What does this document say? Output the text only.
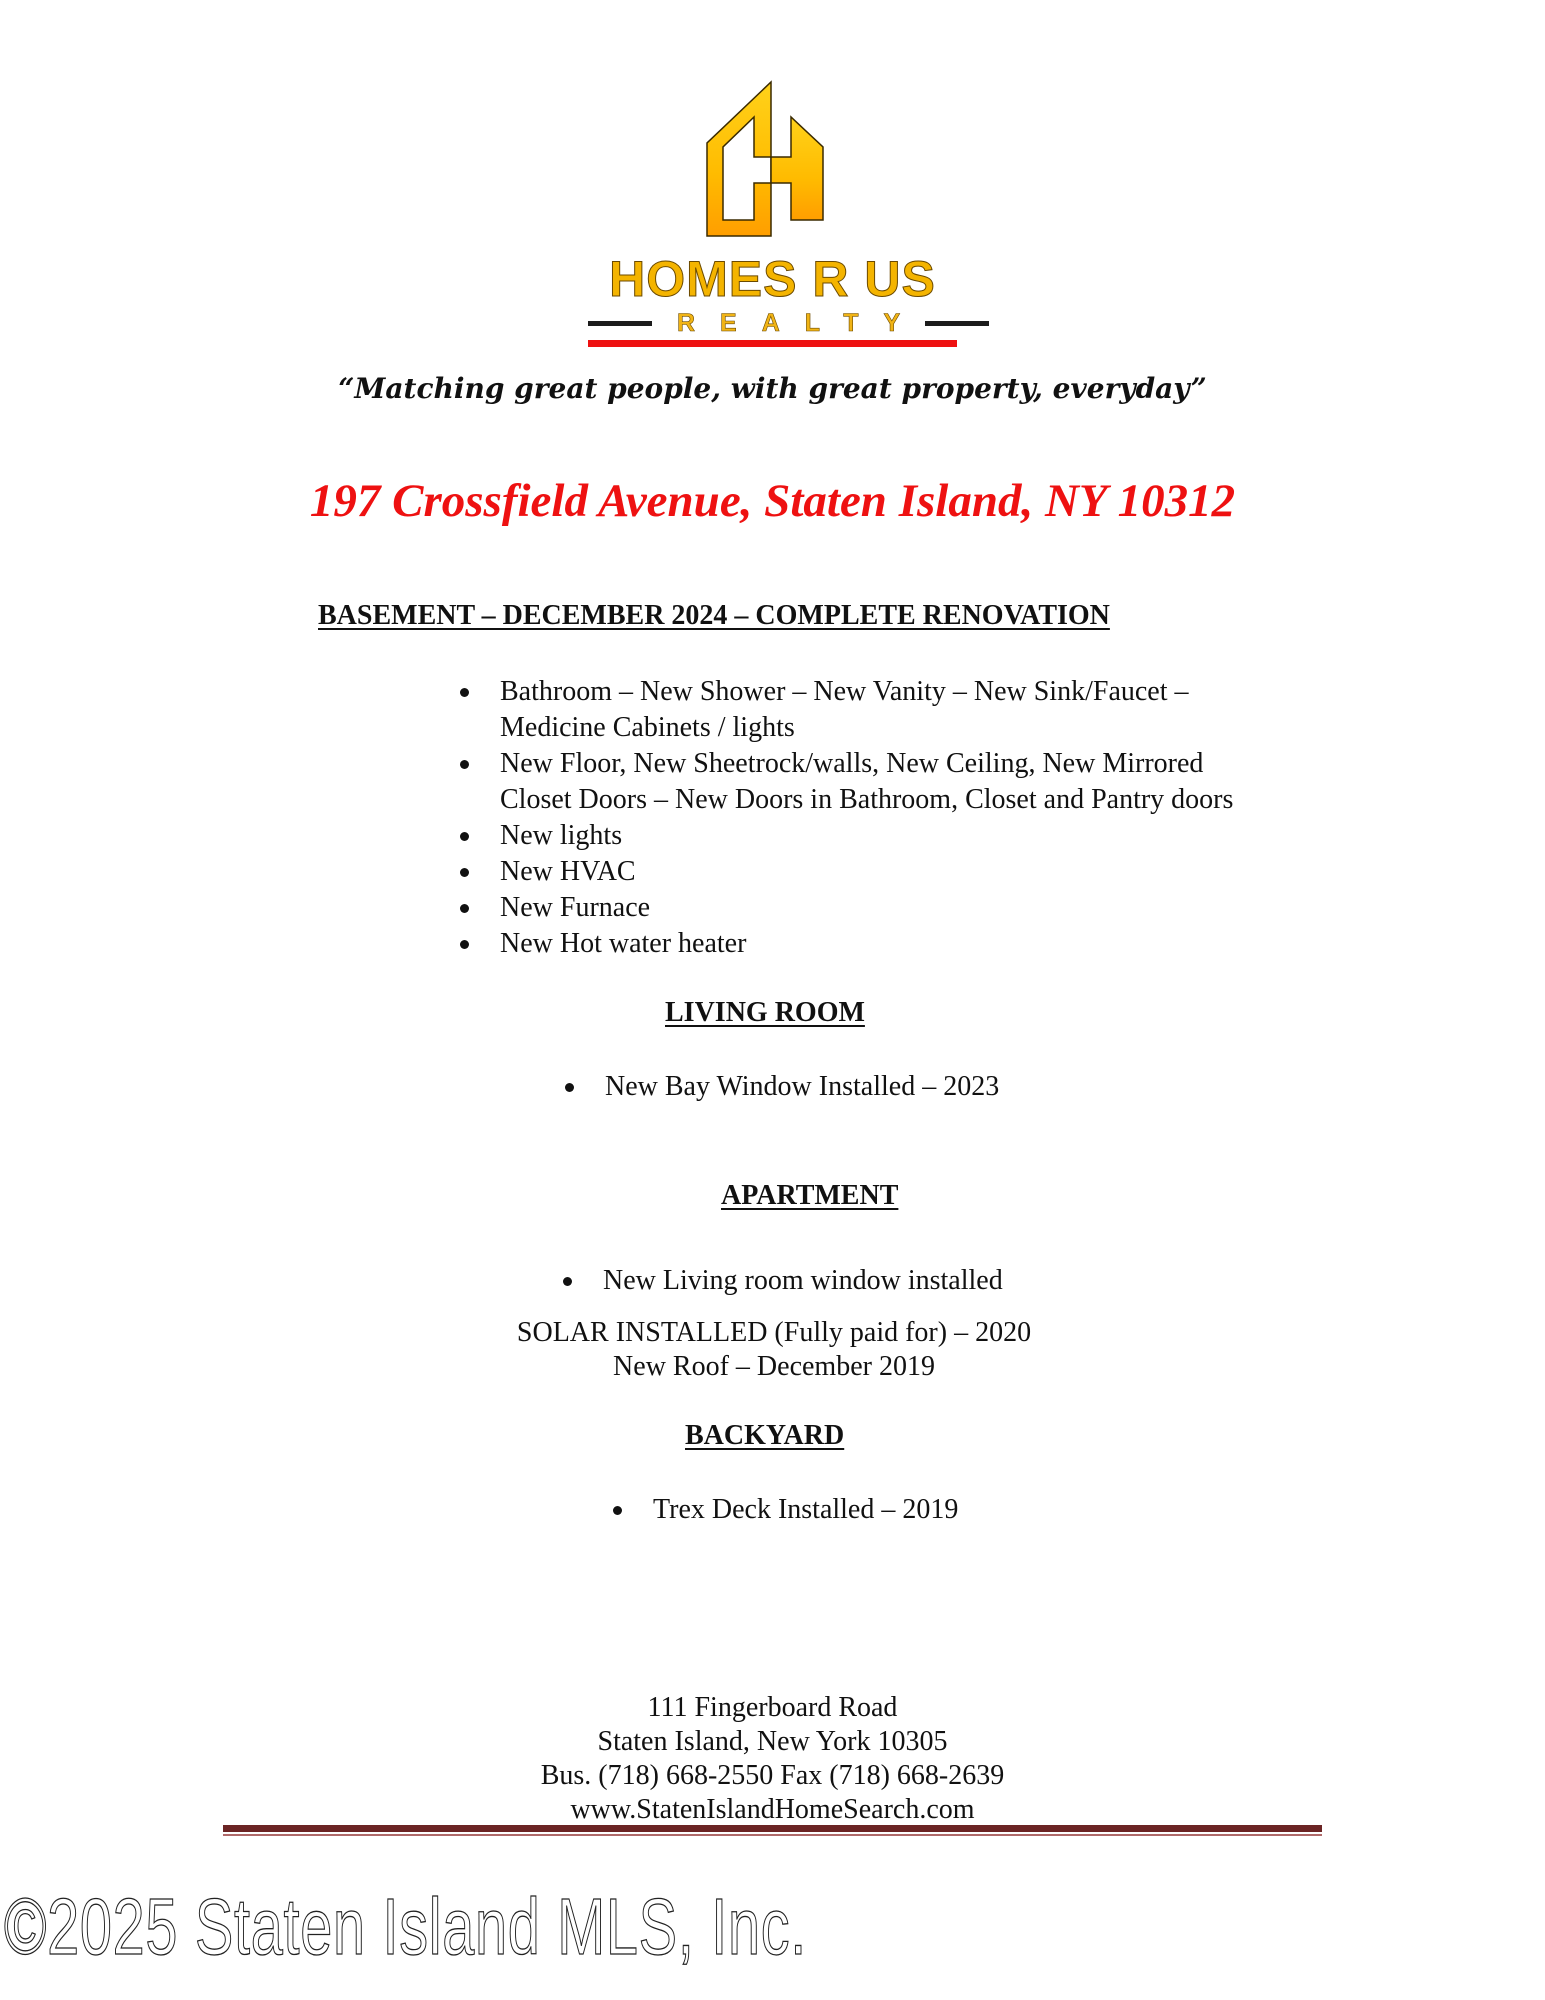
HOMES R US
REALTY
“Matching great people, with great property, everyday”
197 Crossfield Avenue, Staten Island, NY 10312
BASEMENT – DECEMBER 2024 – COMPLETE RENOVATION
Bathroom – New Shower – New Vanity – New Sink/Faucet –
Medicine Cabinets / lights
New Floor, New Sheetrock/walls, New Ceiling, New Mirrored
Closet Doors – New Doors in Bathroom, Closet and Pantry doors
New lights
New HVAC
New Furnace
New Hot water heater
LIVING ROOM
New Bay Window Installed – 2023
APARTMENT
New Living room window installed
SOLAR INSTALLED (Fully paid for) – 2020
New Roof – December 2019
BACKYARD
Trex Deck Installed – 2019
111 Fingerboard Road
Staten Island, New York 10305
Bus. (718) 668-2550 Fax (718) 668-2639
www.StatenIslandHomeSearch.com
©2025 Staten Island MLS, Inc.
